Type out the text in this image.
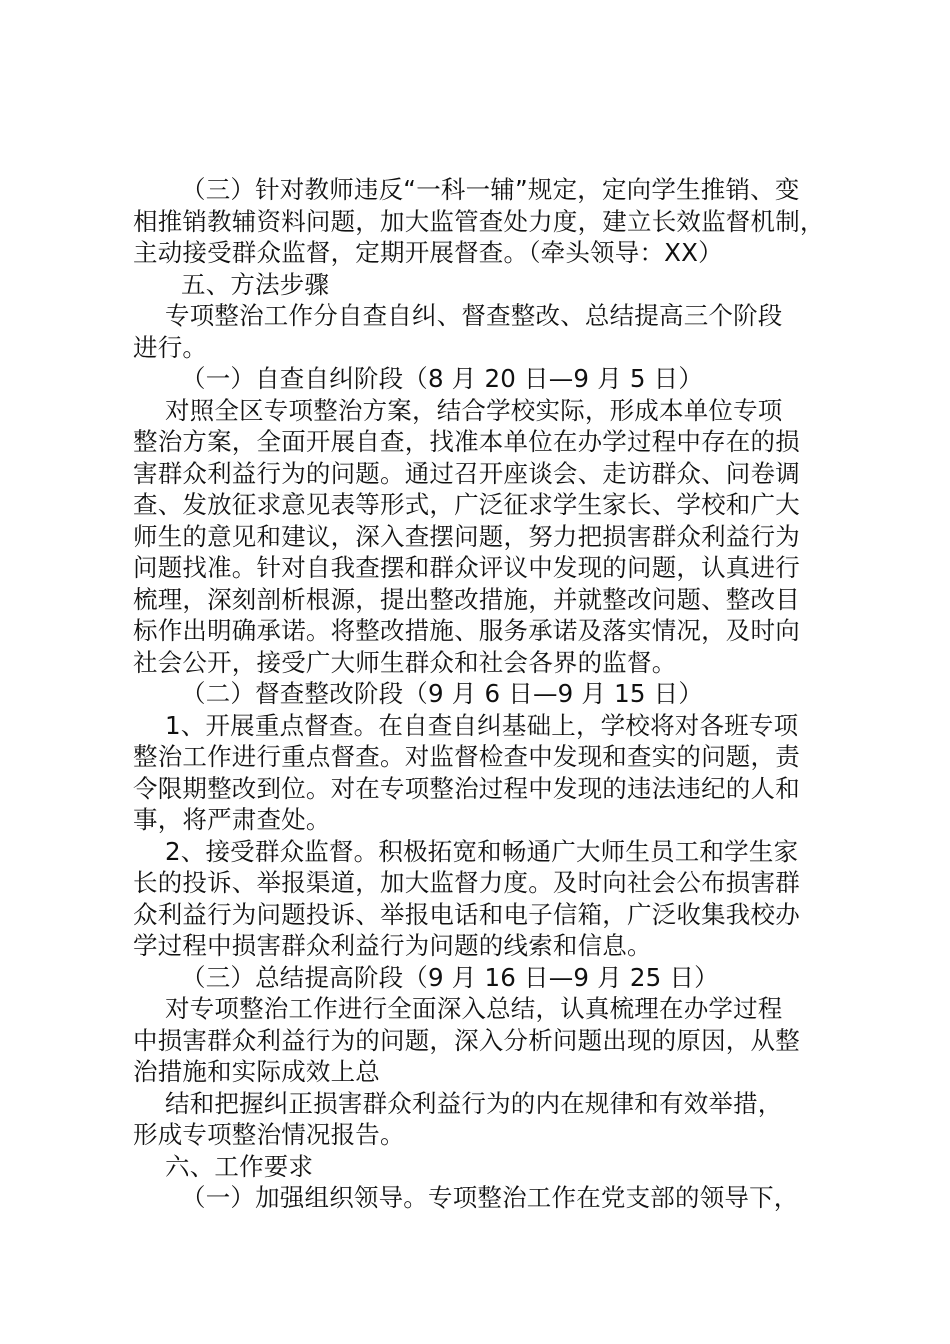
（三）针对教师违反“一科一辅”规定，定向学生推销、变
相推销教辅资料问题，加大监管查处力度，建立长效监督机制，
主动接受群众监督，定期开展督查。（牵头领导：XX）
五、方法步骤
专项整治工作分自查自纠、督查整改、总结提高三个阶段
进行。
（一）自查自纠阶段（8 月 20 日—9 月 5 日）
对照全区专项整治方案，结合学校实际，形成本单位专项
整治方案，全面开展自查，找准本单位在办学过程中存在的损
害群众利益行为的问题。通过召开座谈会、走访群众、问卷调
查、发放征求意见表等形式，广泛征求学生家长、学校和广大
师生的意见和建议，深入查摆问题，努力把损害群众利益行为
问题找准。针对自我查摆和群众评议中发现的问题，认真进行
梳理，深刻剖析根源，提出整改措施，并就整改问题、整改目
标作出明确承诺。将整改措施、服务承诺及落实情况，及时向
社会公开，接受广大师生群众和社会各界的监督。
（二）督查整改阶段（9 月 6 日—9 月 15 日）
1、开展重点督查。在自查自纠基础上，学校将对各班专项
整治工作进行重点督查。对监督检查中发现和查实的问题，责
令限期整改到位。对在专项整治过程中发现的违法违纪的人和
事，将严肃查处。
2、接受群众监督。积极拓宽和畅通广大师生员工和学生家
长的投诉、举报渠道，加大监督力度。及时向社会公布损害群
众利益行为问题投诉、举报电话和电子信箱，广泛收集我校办
学过程中损害群众利益行为问题的线索和信息。
（三）总结提高阶段（9 月 16 日—9 月 25 日）
对专项整治工作进行全面深入总结，认真梳理在办学过程
中损害群众利益行为的问题，深入分析问题出现的原因，从整
治措施和实际成效上总
结和把握纠正损害群众利益行为的内在规律和有效举措，
形成专项整治情况报告。
六、工作要求
（一）加强组织领导。专项整治工作在党支部的领导下，
